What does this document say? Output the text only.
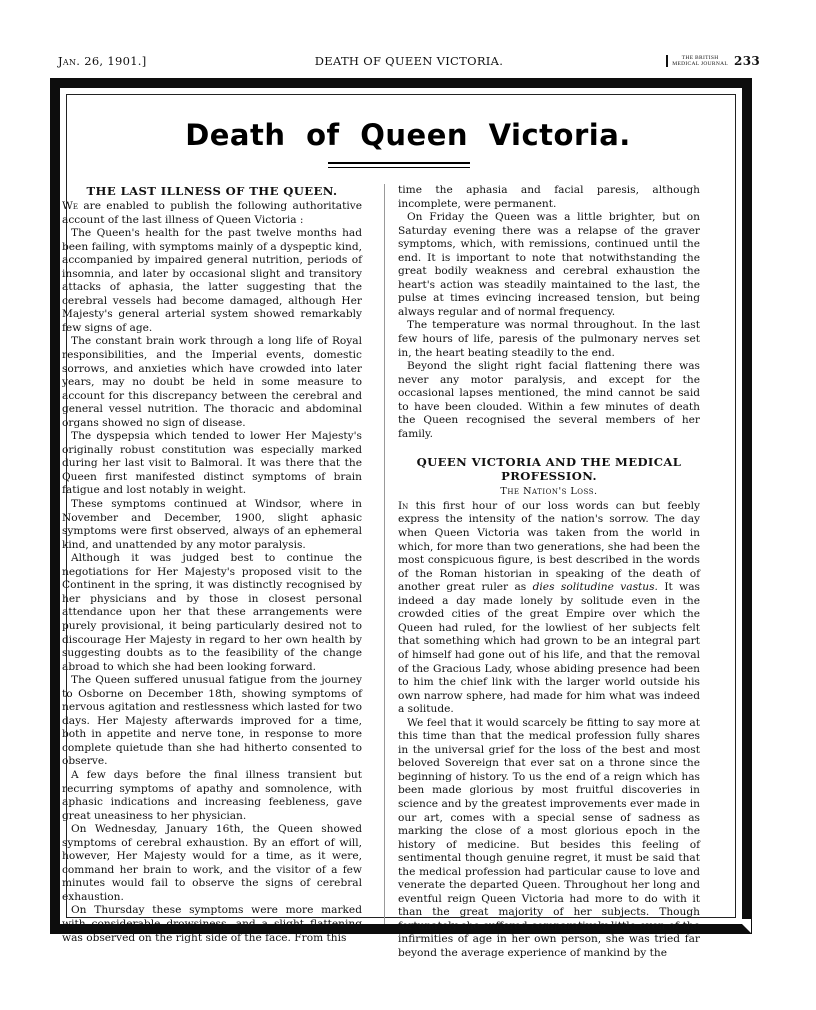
Jan. 26, 1901.]	DEATH OF QUEEN VICTORIA.	THE BRITISH
MEDICAL JOURNAL 233
Death of Queen Victoria.
THE LAST ILLNESS OF THE QUEEN.

We are enabled to publish the following authoritative account of the last illness of Queen Victoria :

The Queen's health for the past twelve months had been failing, with symptoms mainly of a dyspeptic kind, accompanied by impaired general nutrition, periods of insomnia, and later by occasional slight and transitory attacks of aphasia, the latter suggesting that the cerebral vessels had become damaged, although Her Majesty's general arterial system showed remarkably few signs of age.

The constant brain work through a long life of Royal responsibilities, and the Imperial events, domestic sorrows, and anxieties which have crowded into later years, may no doubt be held in some measure to account for this discrepancy between the cerebral and general vessel nutrition. The thoracic and abdominal organs showed no sign of disease.

The dyspepsia which tended to lower Her Majesty's originally robust constitution was especially marked during her last visit to Balmoral. It was there that the Queen first manifested distinct symptoms of brain fatigue and lost notably in weight.

These symptoms continued at Windsor, where in November and December, 1900, slight aphasic symptoms were first observed, always of an ephemeral kind, and unattended by any motor paralysis.

Although it was judged best to continue the negotiations for Her Majesty's proposed visit to the Continent in the spring, it was distinctly recognised by her physicians and by those in closest personal attendance upon her that these arrangements were purely provisional, it being particularly desired not to discourage Her Majesty in regard to her own health by suggesting doubts as to the feasibility of the change abroad to which she had been looking forward.

The Queen suffered unusual fatigue from the journey to Osborne on December 18th, showing symptoms of nervous agitation and restlessness which lasted for two days. Her Majesty afterwards improved for a time, both in appetite and nerve tone, in response to more complete quietude than she had hitherto consented to observe.

A few days before the final illness transient but recurring symptoms of apathy and somnolence, with aphasic indications and increasing feebleness, gave great uneasiness to her physician.

On Wednesday, January 16th, the Queen showed symptoms of cerebral exhaustion. By an effort of will, however, Her Majesty would for a time, as it were, command her brain to work, and the visitor of a few minutes would fail to observe the signs of cerebral exhaustion.

On Thursday these symptoms were more marked with considerable drowsiness, and a slight flattening was observed on the right side of the face. From this

time the aphasia and facial paresis, although incomplete, were permanent.

On Friday the Queen was a little brighter, but on Saturday evening there was a relapse of the graver symptoms, which, with remissions, continued until the end. It is important to note that notwithstanding the great bodily weakness and cerebral exhaustion the heart's action was steadily maintained to the last, the pulse at times evincing increased tension, but being always regular and of normal frequency.

The temperature was normal throughout. In the last few hours of life, paresis of the pulmonary nerves set in, the heart beating steadily to the end.

Beyond the slight right facial flattening there was never any motor paralysis, and except for the occasional lapses mentioned, the mind cannot be said to have been clouded. Within a few minutes of death the Queen recognised the several members of her family.

QUEEN VICTORIA AND THE MEDICAL
PROFESSION.
The Nation's Loss.

In this first hour of our loss words can but feebly express the intensity of the nation's sorrow. The day when Queen Victoria was taken from the world in which, for more than two generations, she had been the most conspicuous figure, is best described in the words of the Roman historian in speaking of the death of another great ruler as dies solitudine vastus. It was indeed a day made lonely by solitude even in the crowded cities of the great Empire over which the Queen had ruled, for the lowliest of her subjects felt that something which had grown to be an integral part of himself had gone out of his life, and that the removal of the Gracious Lady, whose abiding presence had been to him the chief link with the larger world outside his own narrow sphere, had made for him what was indeed a solitude.

We feel that it would scarcely be fitting to say more at this time than that the medical profession fully shares in the universal grief for the loss of the best and most beloved Sovereign that ever sat on a throne since the beginning of history. To us the end of a reign which has been made glorious by most fruitful discoveries in science and by the greatest improvements ever made in our art, comes with a special sense of sadness as marking the close of a most glorious epoch in the history of medicine. But besides this feeling of sentimental though genuine regret, it must be said that the medical profession had particular cause to love and venerate the departed Queen. Throughout her long and eventful reign Queen Victoria had more to do with it than the great majority of her subjects. Though fortunately she suffered comparatively little even of the infirmities of age in her own person, she was tried far beyond the average experience of mankind by the
